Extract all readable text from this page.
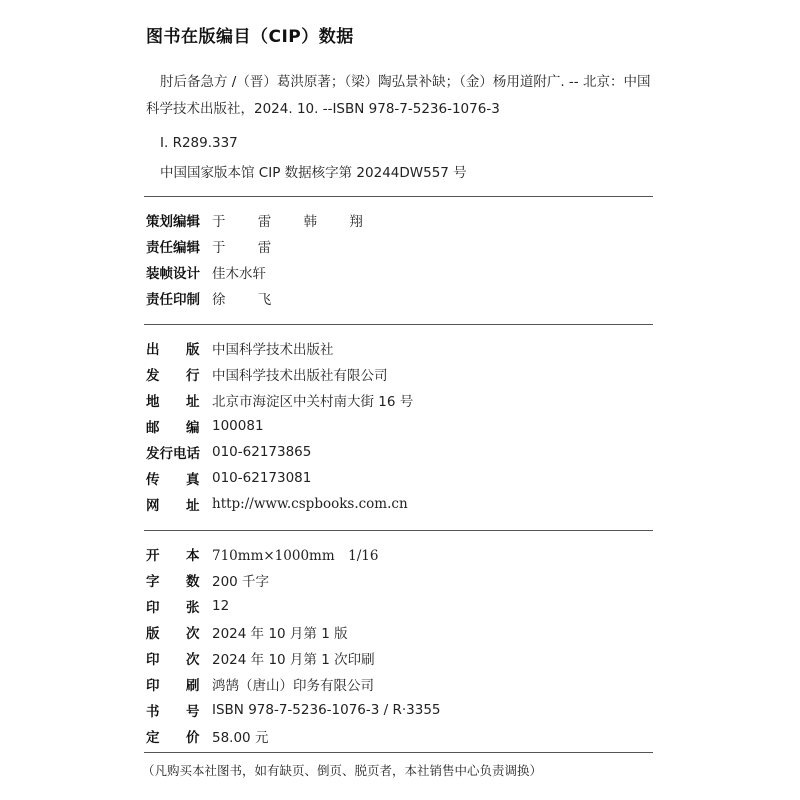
图书在版编目（CIP）数据
肘后备急方 /（晋）葛洪原著；（梁）陶弘景补缺；（金）杨用道附广. -- 北京：中国
科学技术出版社，2024. 10. --ISBN 978-7-5236-1076-3
Ⅰ. R289.337
中国国家版本馆 CIP 数据核字第 20244DW557 号
策划编辑 于 雷 韩 翔
责任编辑 于 雷
装帧设计 佳木水轩
责任印制 徐 飞
出 版 中国科学技术出版社
发 行 中国科学技术出版社有限公司
地 址 北京市海淀区中关村南大街 16 号
邮 编 100081
发行电话 010-62173865
传 真 010-62173081
网 址 http://www.cspbooks.com.cn
开 本 710mm×1000mm　1/16
字 数 200 千字
印 张 12
版 次 2024 年 10 月第 1 版
印 次 2024 年 10 月第 1 次印刷
印 刷 鸿鹄（唐山）印务有限公司
书 号 ISBN 978-7-5236-1076-3 / R·3355
定 价 58.00 元
（凡购买本社图书，如有缺页、倒页、脱页者，本社销售中心负责调换）
